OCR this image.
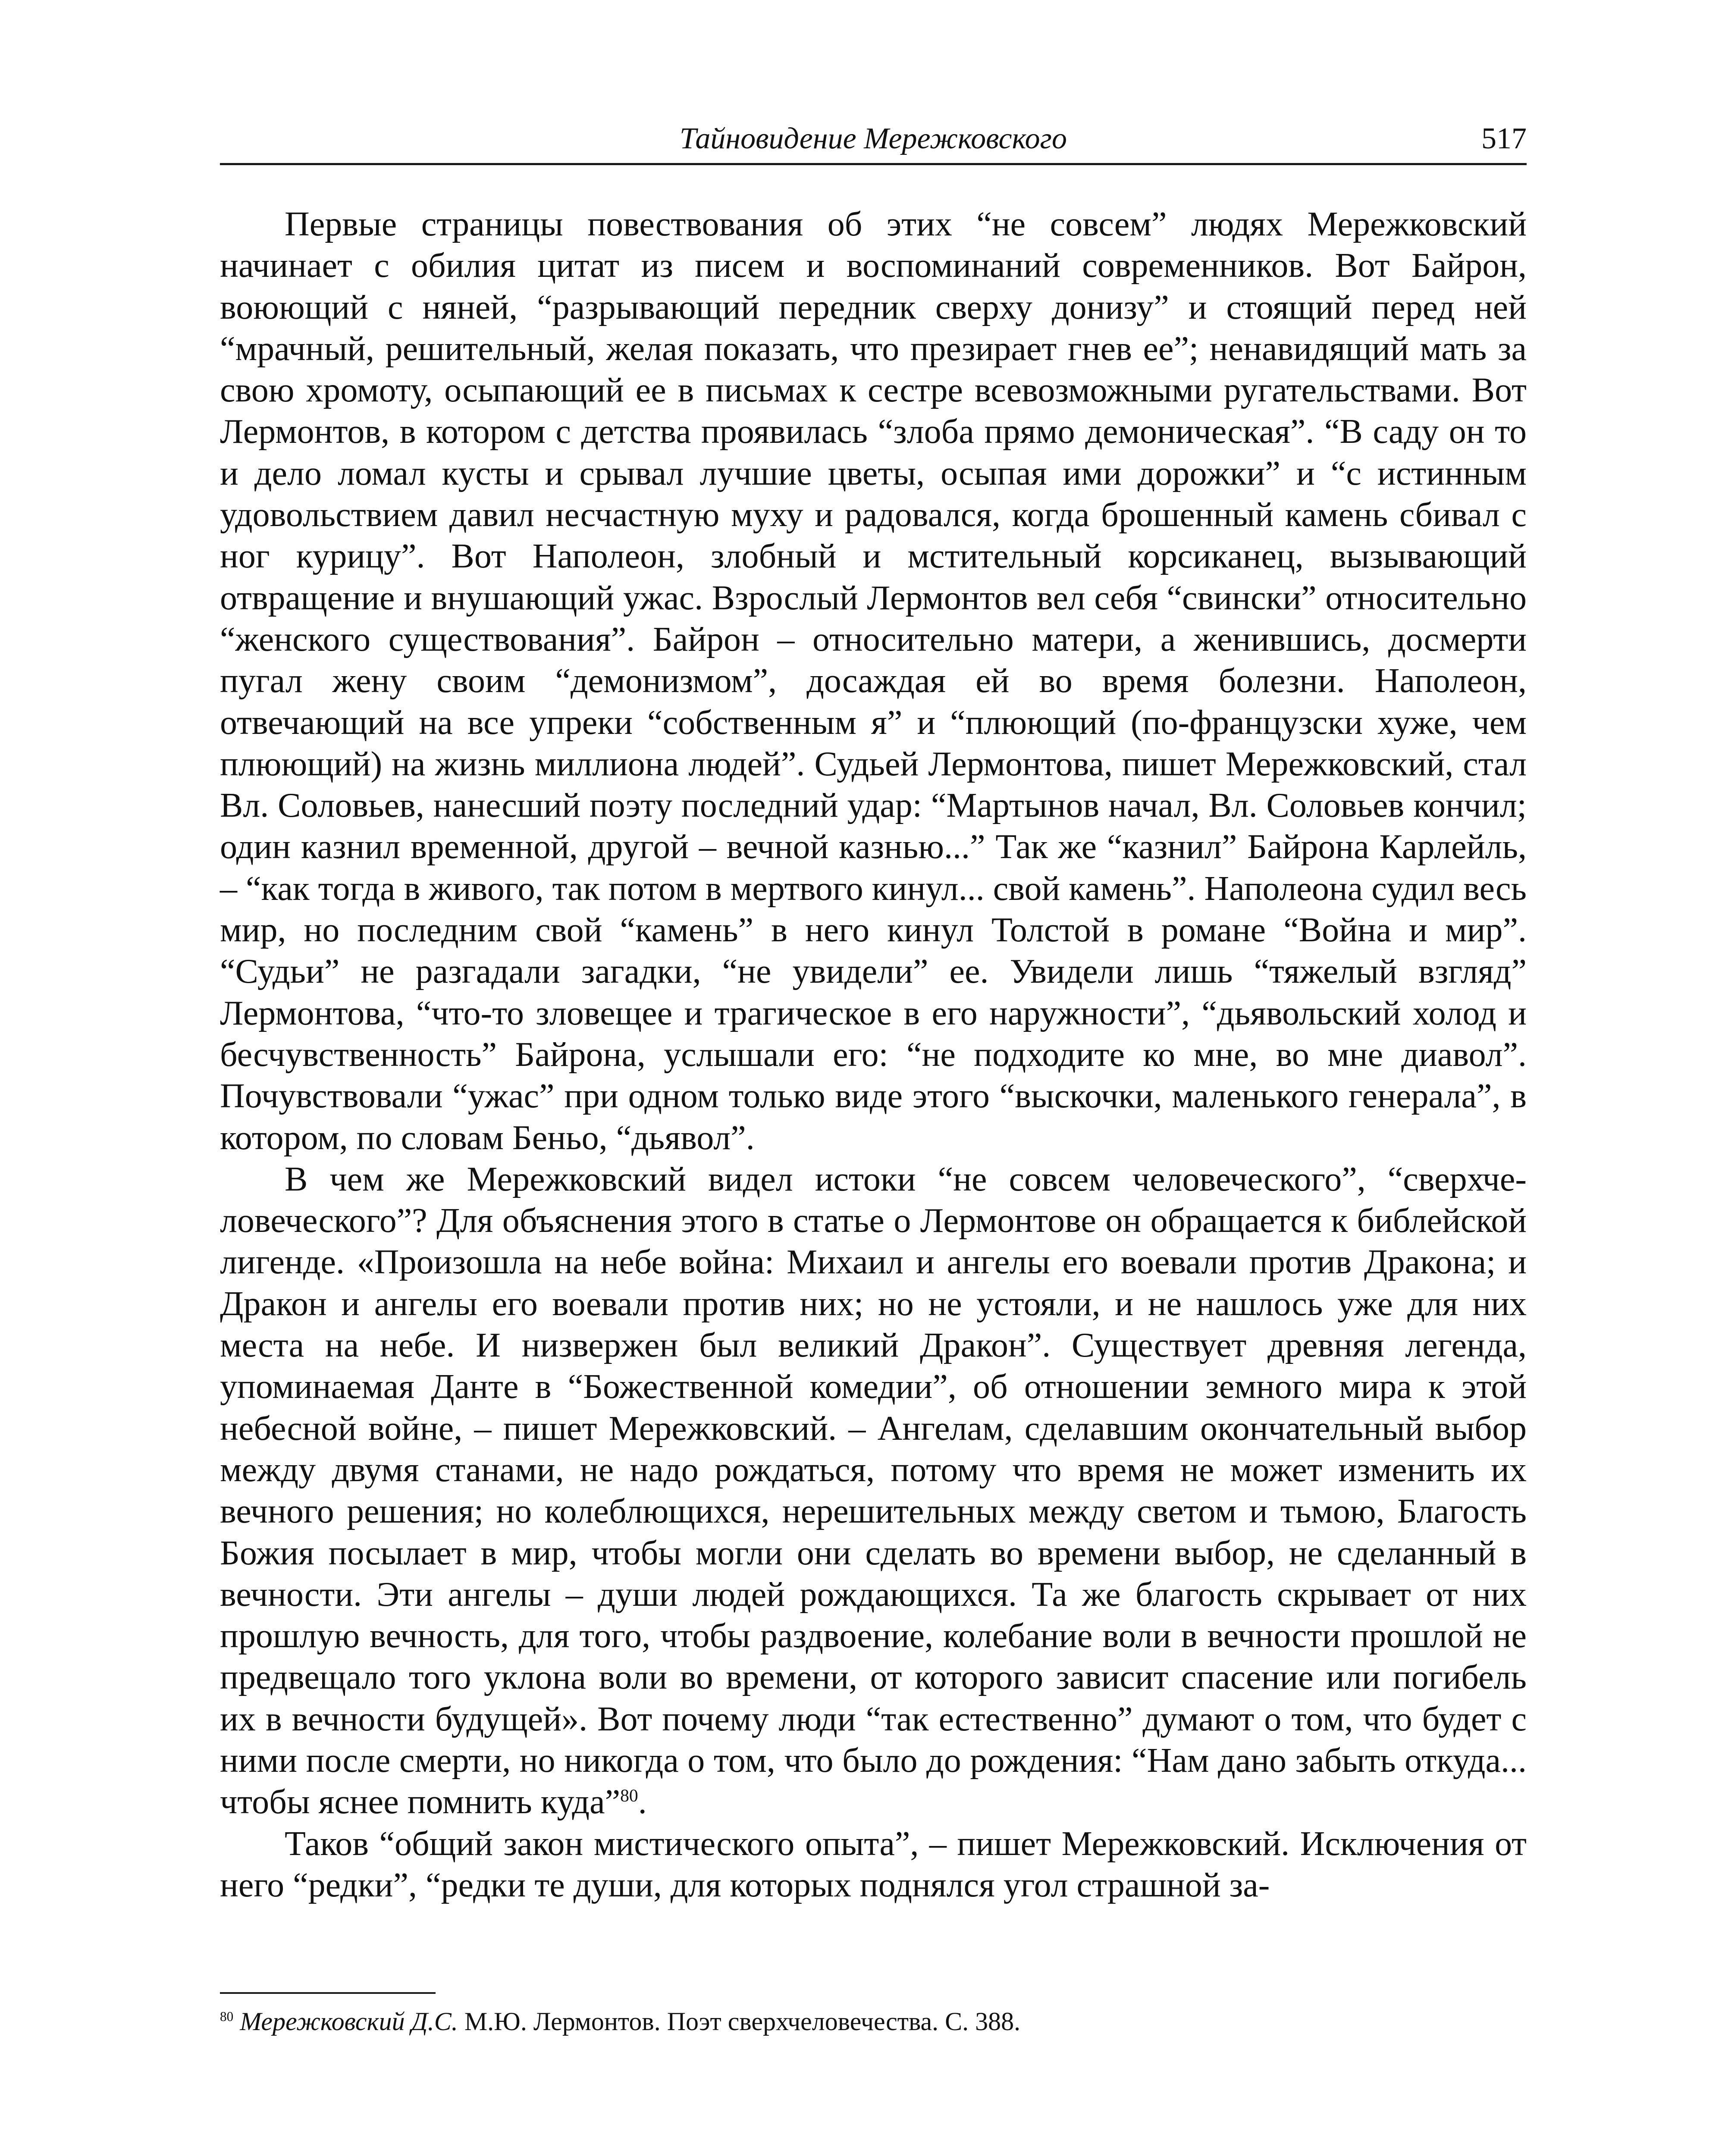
Тайновидение Мережковского	517

Первые страницы повествования об этих “не совсем” людях Мережковский начинает с обилия цитат из писем и воспоминаний современников. Вот Байрон, воюющий с няней, “разрывающий передник сверху донизу” и стоящий перед ней “мрачный, решительный, желая показать, что презирает гнев ее”; ненавидящий мать за свою хромоту, осыпающий ее в письмах к сестре всевозможными ругательствами. Вот Лермонтов, в котором с детства проявилась “злоба прямо демоническая”. “В саду он то и дело ломал кусты и срывал лучшие цветы, осыпая ими дорожки” и “с истинным удовольствием давил несчастную муху и радовался, когда брошенный камень сбивал с ног курицу”. Вот Наполеон, злобный и мстительный корсиканец, вызывающий отвращение и внушающий ужас. Взрослый Лермонтов вел себя “свински” относительно “женского существования”. Байрон – относительно матери, а женившись, досмерти пугал жену своим “демонизмом”, досаждая ей во время болезни. Наполеон, отвечающий на все упреки “собственным я” и “плюющий (по-французски хуже, чем плюющий) на жизнь миллиона людей”. Судьей Лермонтова, пишет Мережковский, стал Вл. Соловьев, нанесший поэту последний удар: “Мартынов начал, Вл. Соловьев кончил; один казнил временной, другой – вечной казнью...” Так же “казнил” Байрона Карлейль, – “как тогда в живого, так потом в мертвого кинул... свой камень”. Наполеона судил весь мир, но последним свой “камень” в него кинул Толстой в романе “Война и мир”. “Судьи” не разгадали загадки, “не увидели” ее. Увидели лишь “тяжелый взгляд” Лермонтова, “что-то зловещее и трагическое в его наружности”, “дьявольский холод и бесчувственность” Байрона, услышали его: “не подходите ко мне, во мне диавол”. Почувствовали “ужас” при одном только виде этого “выскочки, маленького генерала”, в котором, по словам Беньо, “дьявол”.

В чем же Мережковский видел истоки “не совсем человеческого”, “сверхчеловеческого”? Для объяснения этого в статье о Лермонтове он обращается к библейской лигенде. «Произошла на небе война: Михаил и ангелы его воевали против Дракона; и Дракон и ангелы его воевали против них; но не устояли, и не нашлось уже для них места на небе. И низвержен был великий Дракон”. Существует древняя легенда, упоминаемая Данте в “Божественной комедии”, об отношении земного мира к этой небесной войне, – пишет Мережковский. – Ангелам, сделавшим окончательный выбор между двумя станами, не надо рождаться, потому что время не может изменить их вечного решения; но колеблющихся, нерешительных между светом и тьмою, Благость Божия посылает в мир, чтобы могли они сделать во времени выбор, не сделанный в вечности. Эти ангелы – души людей рождающихся. Та же благость скрывает от них прошлую вечность, для того, чтобы раздвоение, колебание воли в вечности прошлой не предвещало того уклона воли во времени, от которого зависит спасение или погибель их в вечности будущей». Вот почему люди “так естественно” думают о том, что будет с ними после смерти, но никогда о том, что было до рождения: “Нам дано забыть откуда... чтобы яснее помнить куда”$^{80}$.

Таков “общий закон мистического опыта”, – пишет Мережковский. Исключения от него “редки”, “редки те души, для которых поднялся угол страшной за-

$^{80}$ Мережковский Д.С. М.Ю. Лермонтов. Поэт сверхчеловечества. С. 388.
